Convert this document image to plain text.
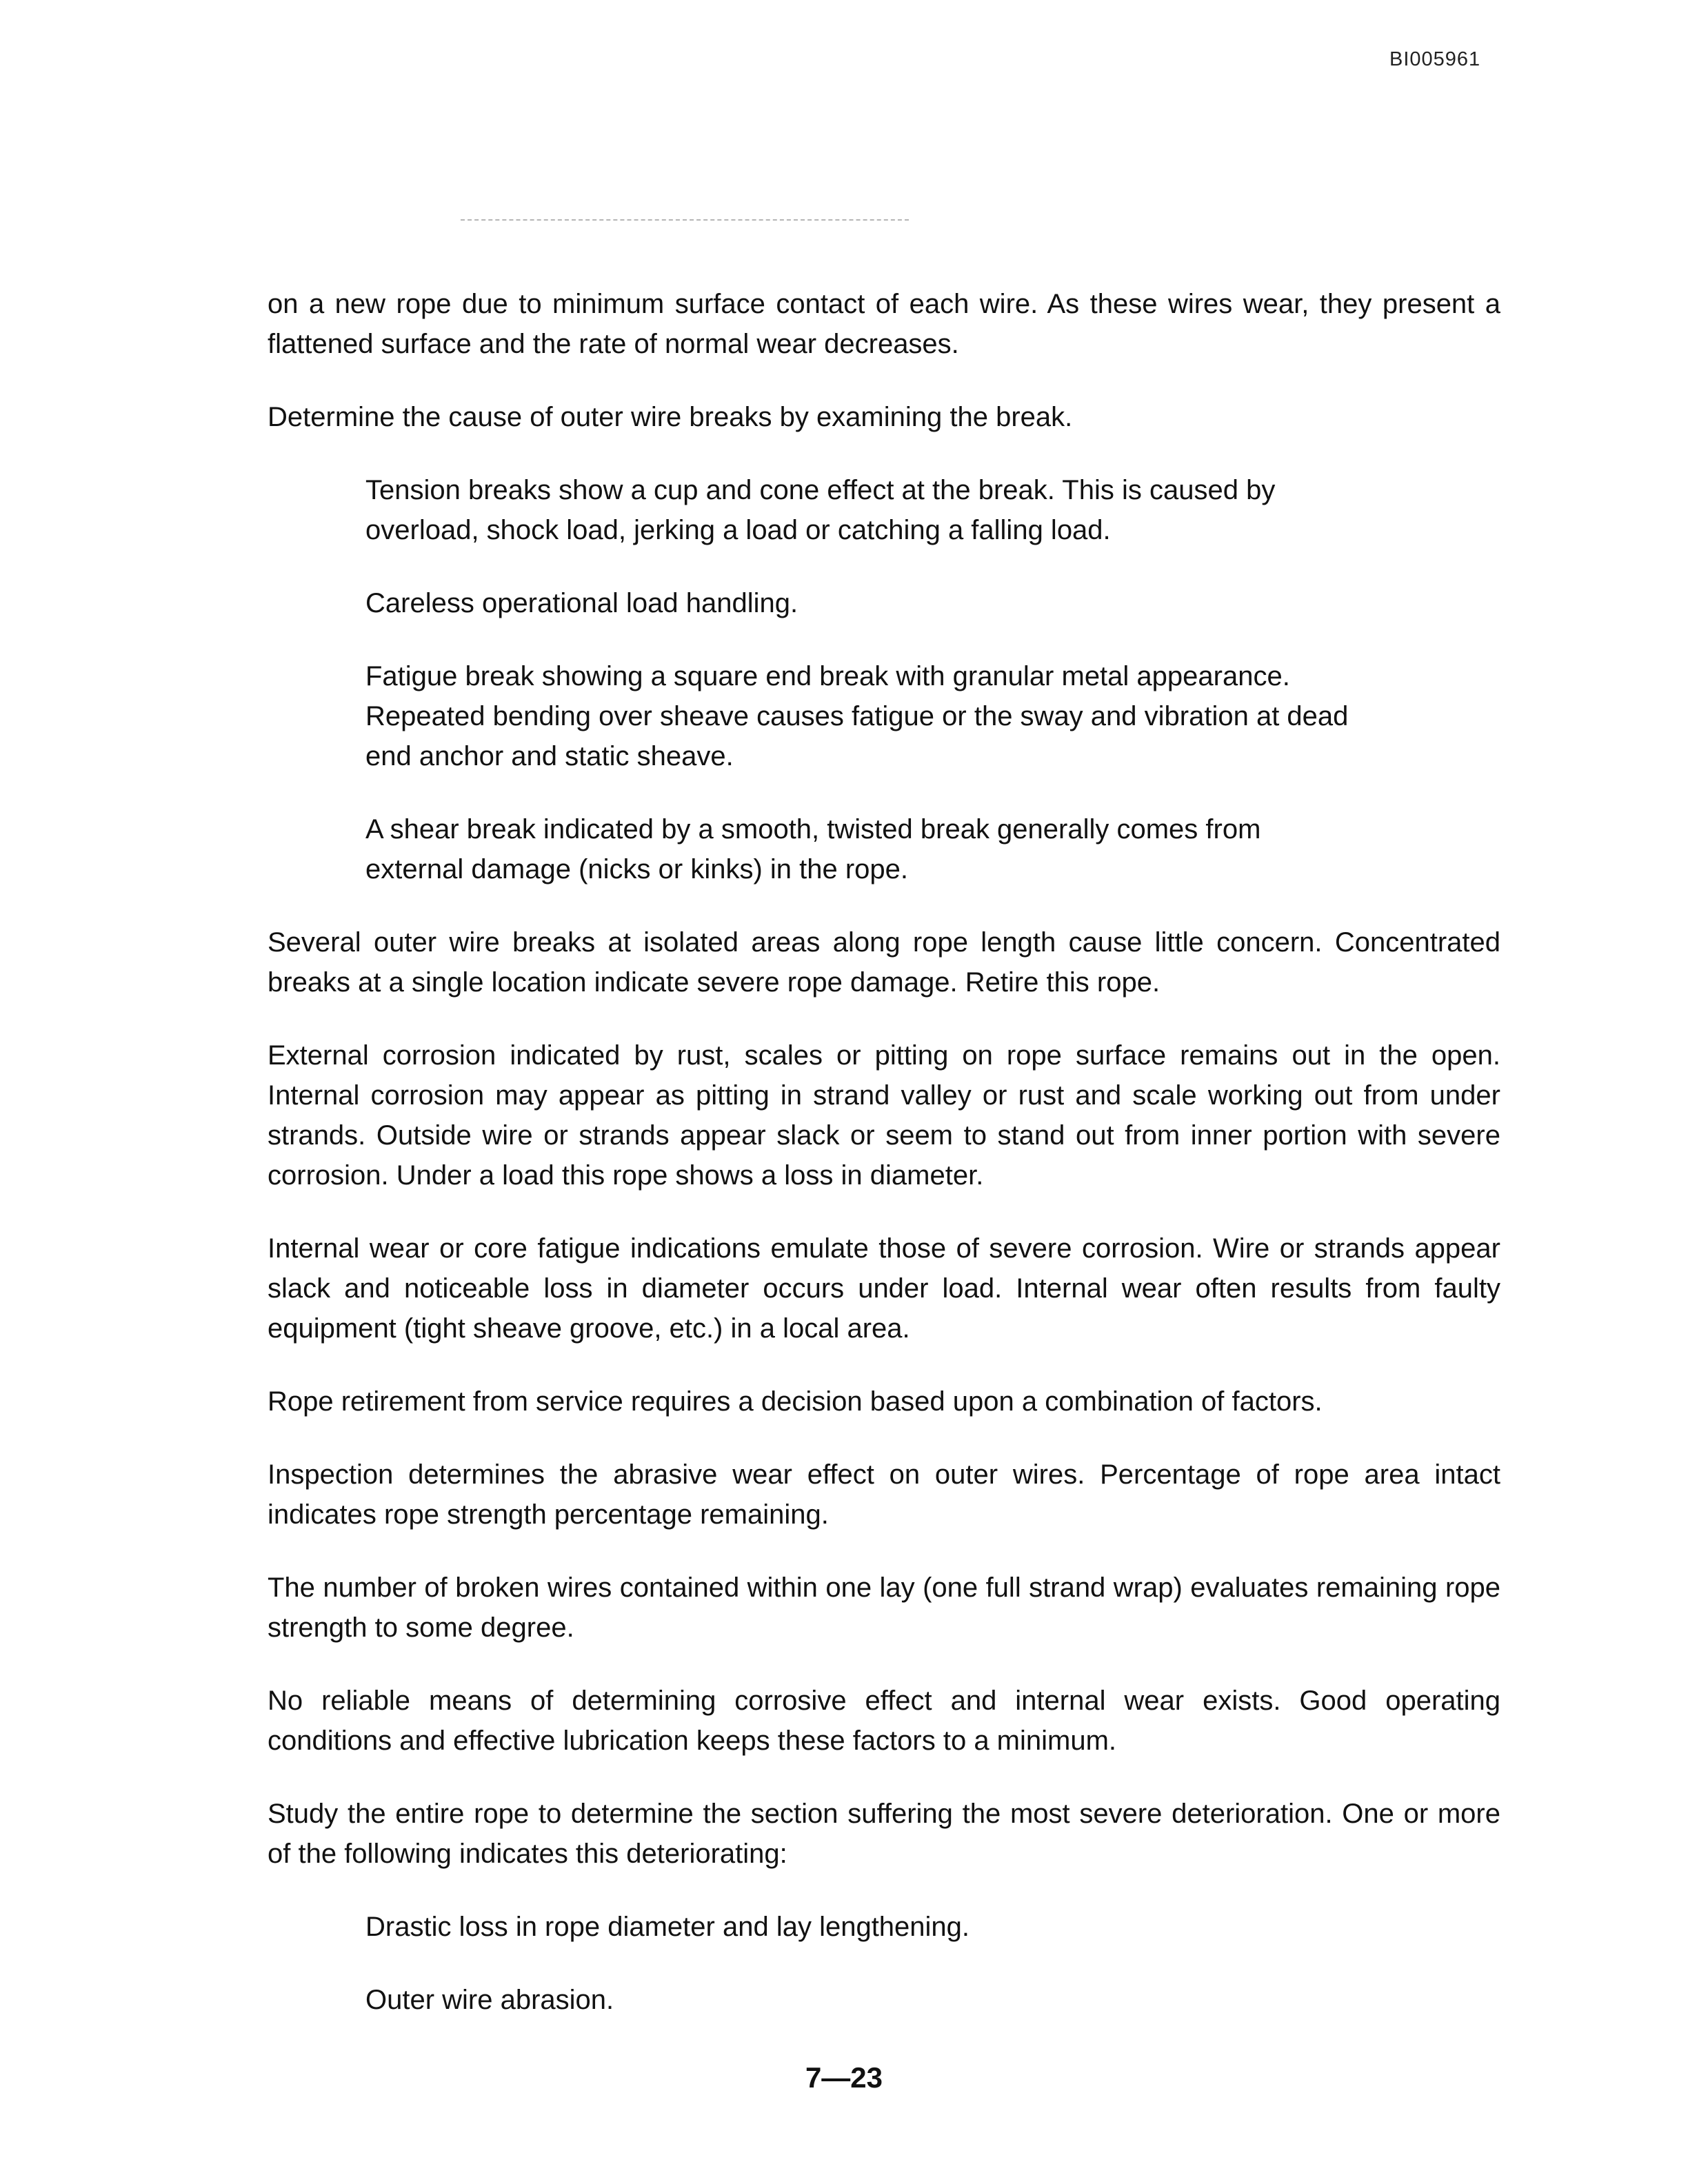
BI005961

on a new rope due to minimum surface contact of each wire. As these wires wear, they present a flattened surface and the rate of normal wear decreases.

Determine the cause of outer wire breaks by examining the break.

Tension breaks show a cup and cone effect at the break. This is caused by overload, shock load, jerking a load or catching a falling load.

Careless operational load handling.

Fatigue break showing a square end break with granular metal appearance. Repeated bending over sheave causes fatigue or the sway and vibration at dead end anchor and static sheave.

A shear break indicated by a smooth, twisted break generally comes from external damage (nicks or kinks) in the rope.

Several outer wire breaks at isolated areas along rope length cause little concern. Concentrated breaks at a single location indicate severe rope damage. Retire this rope.

External corrosion indicated by rust, scales or pitting on rope surface remains out in the open. Internal corrosion may appear as pitting in strand valley or rust and scale working out from under strands. Outside wire or strands appear slack or seem to stand out from inner portion with severe corrosion. Under a load this rope shows a loss in diameter.

Internal wear or core fatigue indications emulate those of severe corrosion. Wire or strands appear slack and noticeable loss in diameter occurs under load. Internal wear often results from faulty equipment (tight sheave groove, etc.) in a local area.

Rope retirement from service requires a decision based upon a combination of factors.

Inspection determines the abrasive wear effect on outer wires. Percentage of rope area intact indicates rope strength percentage remaining.

The number of broken wires contained within one lay (one full strand wrap) evaluates remaining rope strength to some degree.

No reliable means of determining corrosive effect and internal wear exists. Good operating conditions and effective lubrication keeps these factors to a minimum.

Study the entire rope to determine the section suffering the most severe deterioration. One or more of the following indicates this deteriorating:

Drastic loss in rope diameter and lay lengthening.

Outer wire abrasion.

7—23
